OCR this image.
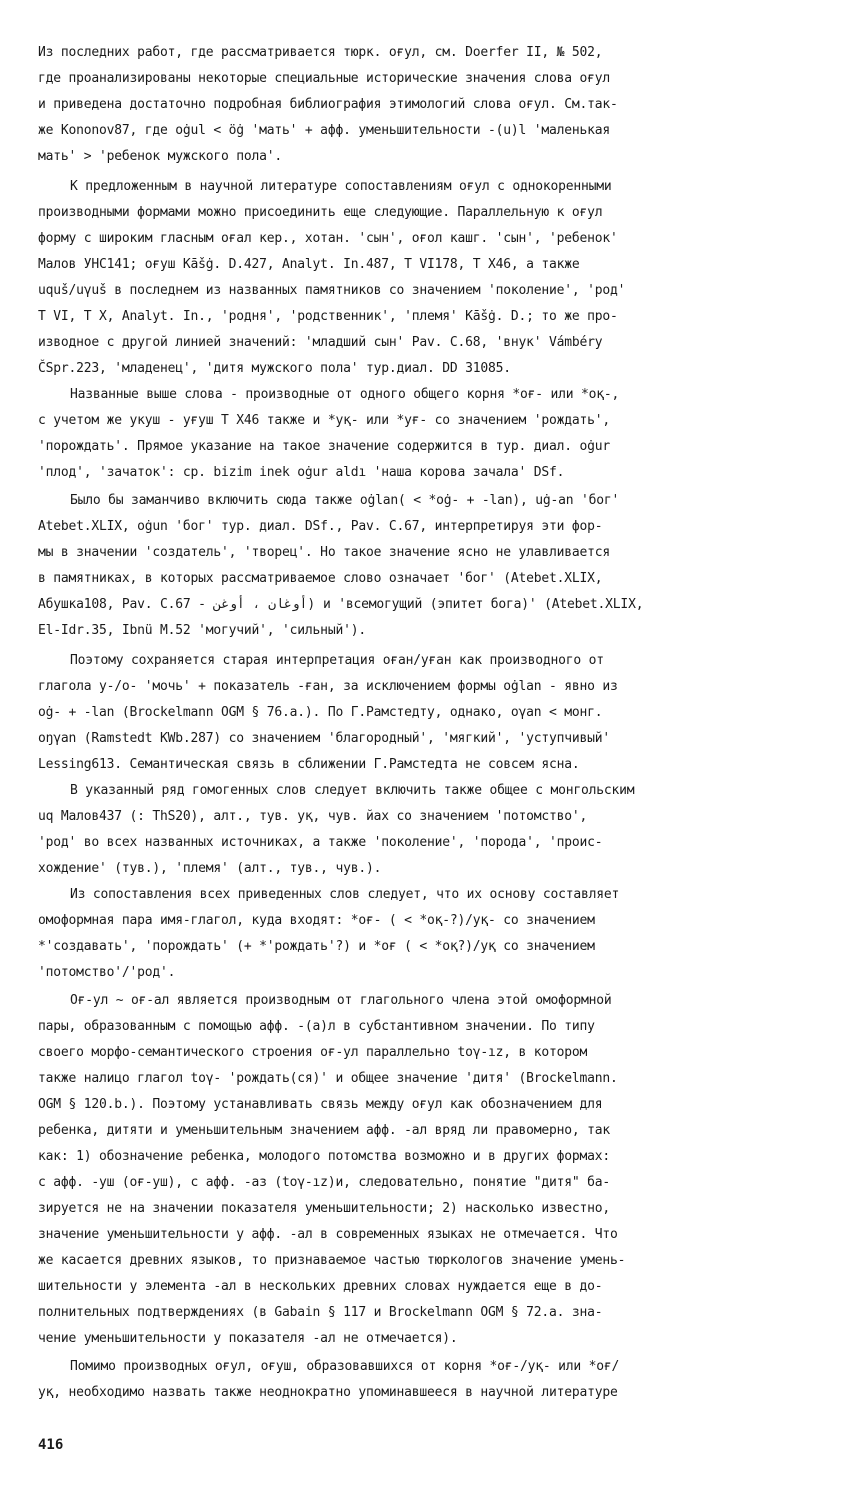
Из последних работ, где рассматривается тюрк. оғул, см. Doerfer II, № 502,
где проанализированы некоторые специальные исторические значения слова оғул
и приведена достаточно подробная библиография этимологий слова оғул. См.так-
же Kononov87, где oġul < öġ 'мать' + афф. уменьшительности -(u)l 'маленькая
мать' > 'ребенок мужского пола'.
К предложенным в научной литературе сопоставлениям оғул с однокоренными
производными формами можно присоединить еще следующие. Параллельную к оғул
форму с широким гласным оғал кер., хотан. 'сын', оғол кашг. 'сын', 'ребенок'
Малов УНС141; оғуш Kāšġ. D.427, Analyt. In.487, T VI178, T X46, а также
uquš/uγuš в последнем из названных памятников со значением 'поколение', 'род'
T VI, T X, Analyt. In., 'родня', 'родственник', 'племя' Kāšġ. D.; то же про-
изводное с другой линией значений: 'младший сын' Pav. C.68, 'внук' Vámbéry
ČSpr.223, 'младенец', 'дитя мужского пола' тур.диал. DD 31085.
Названные выше слова - производные от одного общего корня *оғ- или *оқ-,
с учетом же укуш - уғуш T X46 также и *уқ- или *уғ- со значением 'рождать',
'порождать'. Прямое указание на такое значение содержится в тур. диал. oġur
'плод', 'зачаток': ср. bizim inek oġur aldı 'наша корова зачала' DSf.
Было бы заманчиво включить сюда также oġlan( < *oġ- + -lan), uġ-an 'бог'
Atebet.XLIX, oġun 'бог' тур. диал. DSf., Pav. C.67, интерпретируя эти фор-
мы в значении 'создатель', 'творец'. Но такое значение ясно не улавливается
в памятниках, в которых рассматриваемое слово означает 'бог' (Atebet.XLIX,
Абушка108, Pav. C.67 - أوغان ، أوغن) и 'всемогущий (эпитет бога)' (Atebet.XLIX,
El-Idr.35, Ibnü M.52 'могучий', 'сильный').
Поэтому сохраняется старая интерпретация оған/уған как производного от
глагола у-/о- 'мочь' + показатель -ған, за исключением формы oġlan - явно из
oġ- + -lan (Brockelmann OGM § 76.a.). По Г.Рамстедту, однако, oγan < монг.
oŋγan (Ramstedt KWb.287) со значением 'благородный', 'мягкий', 'уступчивый'
Lessing613. Семантическая связь в сближении Г.Рамстедта не совсем ясна.
В указанный ряд гомогенных слов следует включить также общее с монгольским
uq Малов437 (: ThS20), алт., тув. уқ, чув. йах со значением 'потомство',
'род' во всех названных источниках, а также 'поколение', 'порода', 'проис-
хождение' (тув.), 'племя' (алт., тув., чув.).
Из сопоставления всех приведенных слов следует, что их основу составляет
омоформная пара имя-глагол, куда входят: *оғ- ( < *оқ-?)/уқ- со значением
*'создавать', 'порождать' (+ *'рождать'?) и *оғ ( < *оқ?)/уқ со значением
'потомство'/'род'.
Оғ-ул ~ оғ-ал является производным от глагольного члена этой омоформной
пары, образованным с помощью афф. -(а)л в субстантивном значении. По типу
своего морфо-семантического строения оғ-ул параллельно toγ-ız, в котором
также налицо глагол toγ- 'рождать(ся)' и общее значение 'дитя' (Brockelmann.
OGM § 120.b.). Поэтому устанавливать связь между оғул как обозначением для
ребенка, дитяти и уменьшительным значением афф. -ал вряд ли правомерно, так
как: 1) обозначение ребенка, молодого потомства возможно и в других формах:
с афф. -уш (оғ-уш), с афф. -аз (toγ-ız)и, следовательно, понятие "дитя" ба-
зируется не на значении показателя уменьшительности; 2) насколько известно,
значение уменьшительности у афф. -ал в современных языках не отмечается. Что
же касается древних языков, то признаваемое частью тюркологов значение умень-
шительности у элемента -ал в нескольких древних словах нуждается еще в до-
полнительных подтверждениях (в Gabain § 117 и Brockelmann OGM § 72.a. зна-
чение уменьшительности у показателя -ал не отмечается).
Помимо производных оғул, оғуш, образовавшихся от корня *оғ-/уқ- или *оғ/
уқ, необходимо назвать также неоднократно упоминавшееся в научной литературе
416
